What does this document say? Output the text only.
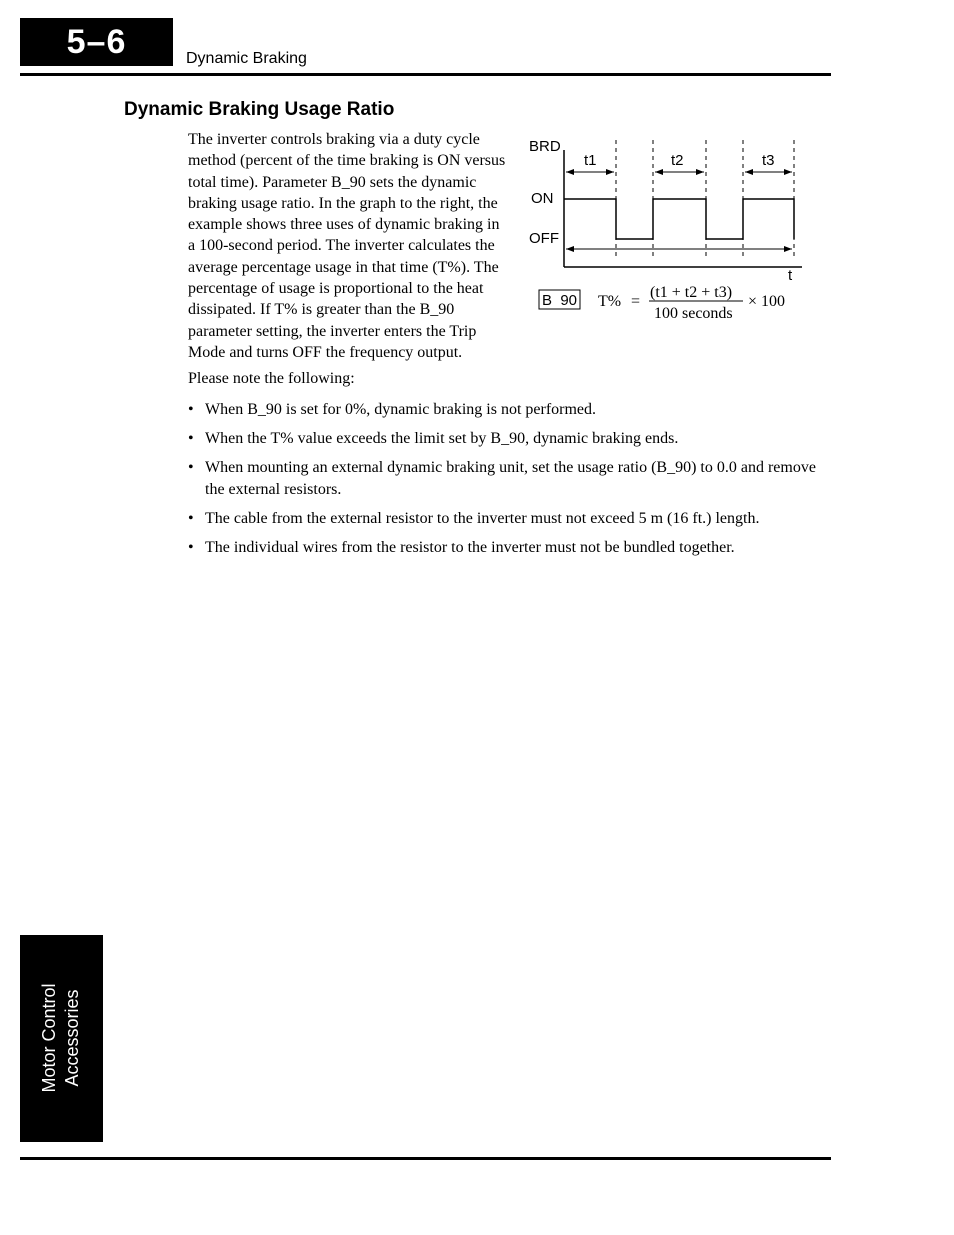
5–6	Dynamic Braking
Dynamic Braking Usage Ratio

The inverter controls braking via a duty cycle method (percent of the time braking is ON versus total time). Parameter B_90 sets the dynamic braking usage ratio. In the graph to the right, the example shows three uses of dynamic braking in a 100-second period. The inverter calculates the average percentage usage in that time (T%). The percentage of usage is proportional to the heat dissipated. If T% is greater than the B_90 parameter setting, the inverter enters the Trip Mode and turns OFF the frequency output.

BRD
ON
OFF
t
t1	t2	t3
B  90 T% =
(t1 + t2 + t3)
100 seconds
× 100

Please note the following:

• When B_90 is set for 0%, dynamic braking is not performed.
• When the T% value exceeds the limit set by B_90, dynamic braking ends.
• When mounting an external dynamic braking unit, set the usage ratio (B_90) to 0.0 and remove the external resistors.
• The cable from the external resistor to the inverter must not exceed 5 m (16 ft.) length.
• The individual wires from the resistor to the inverter must not be bundled together.
Motor Control Accessories
